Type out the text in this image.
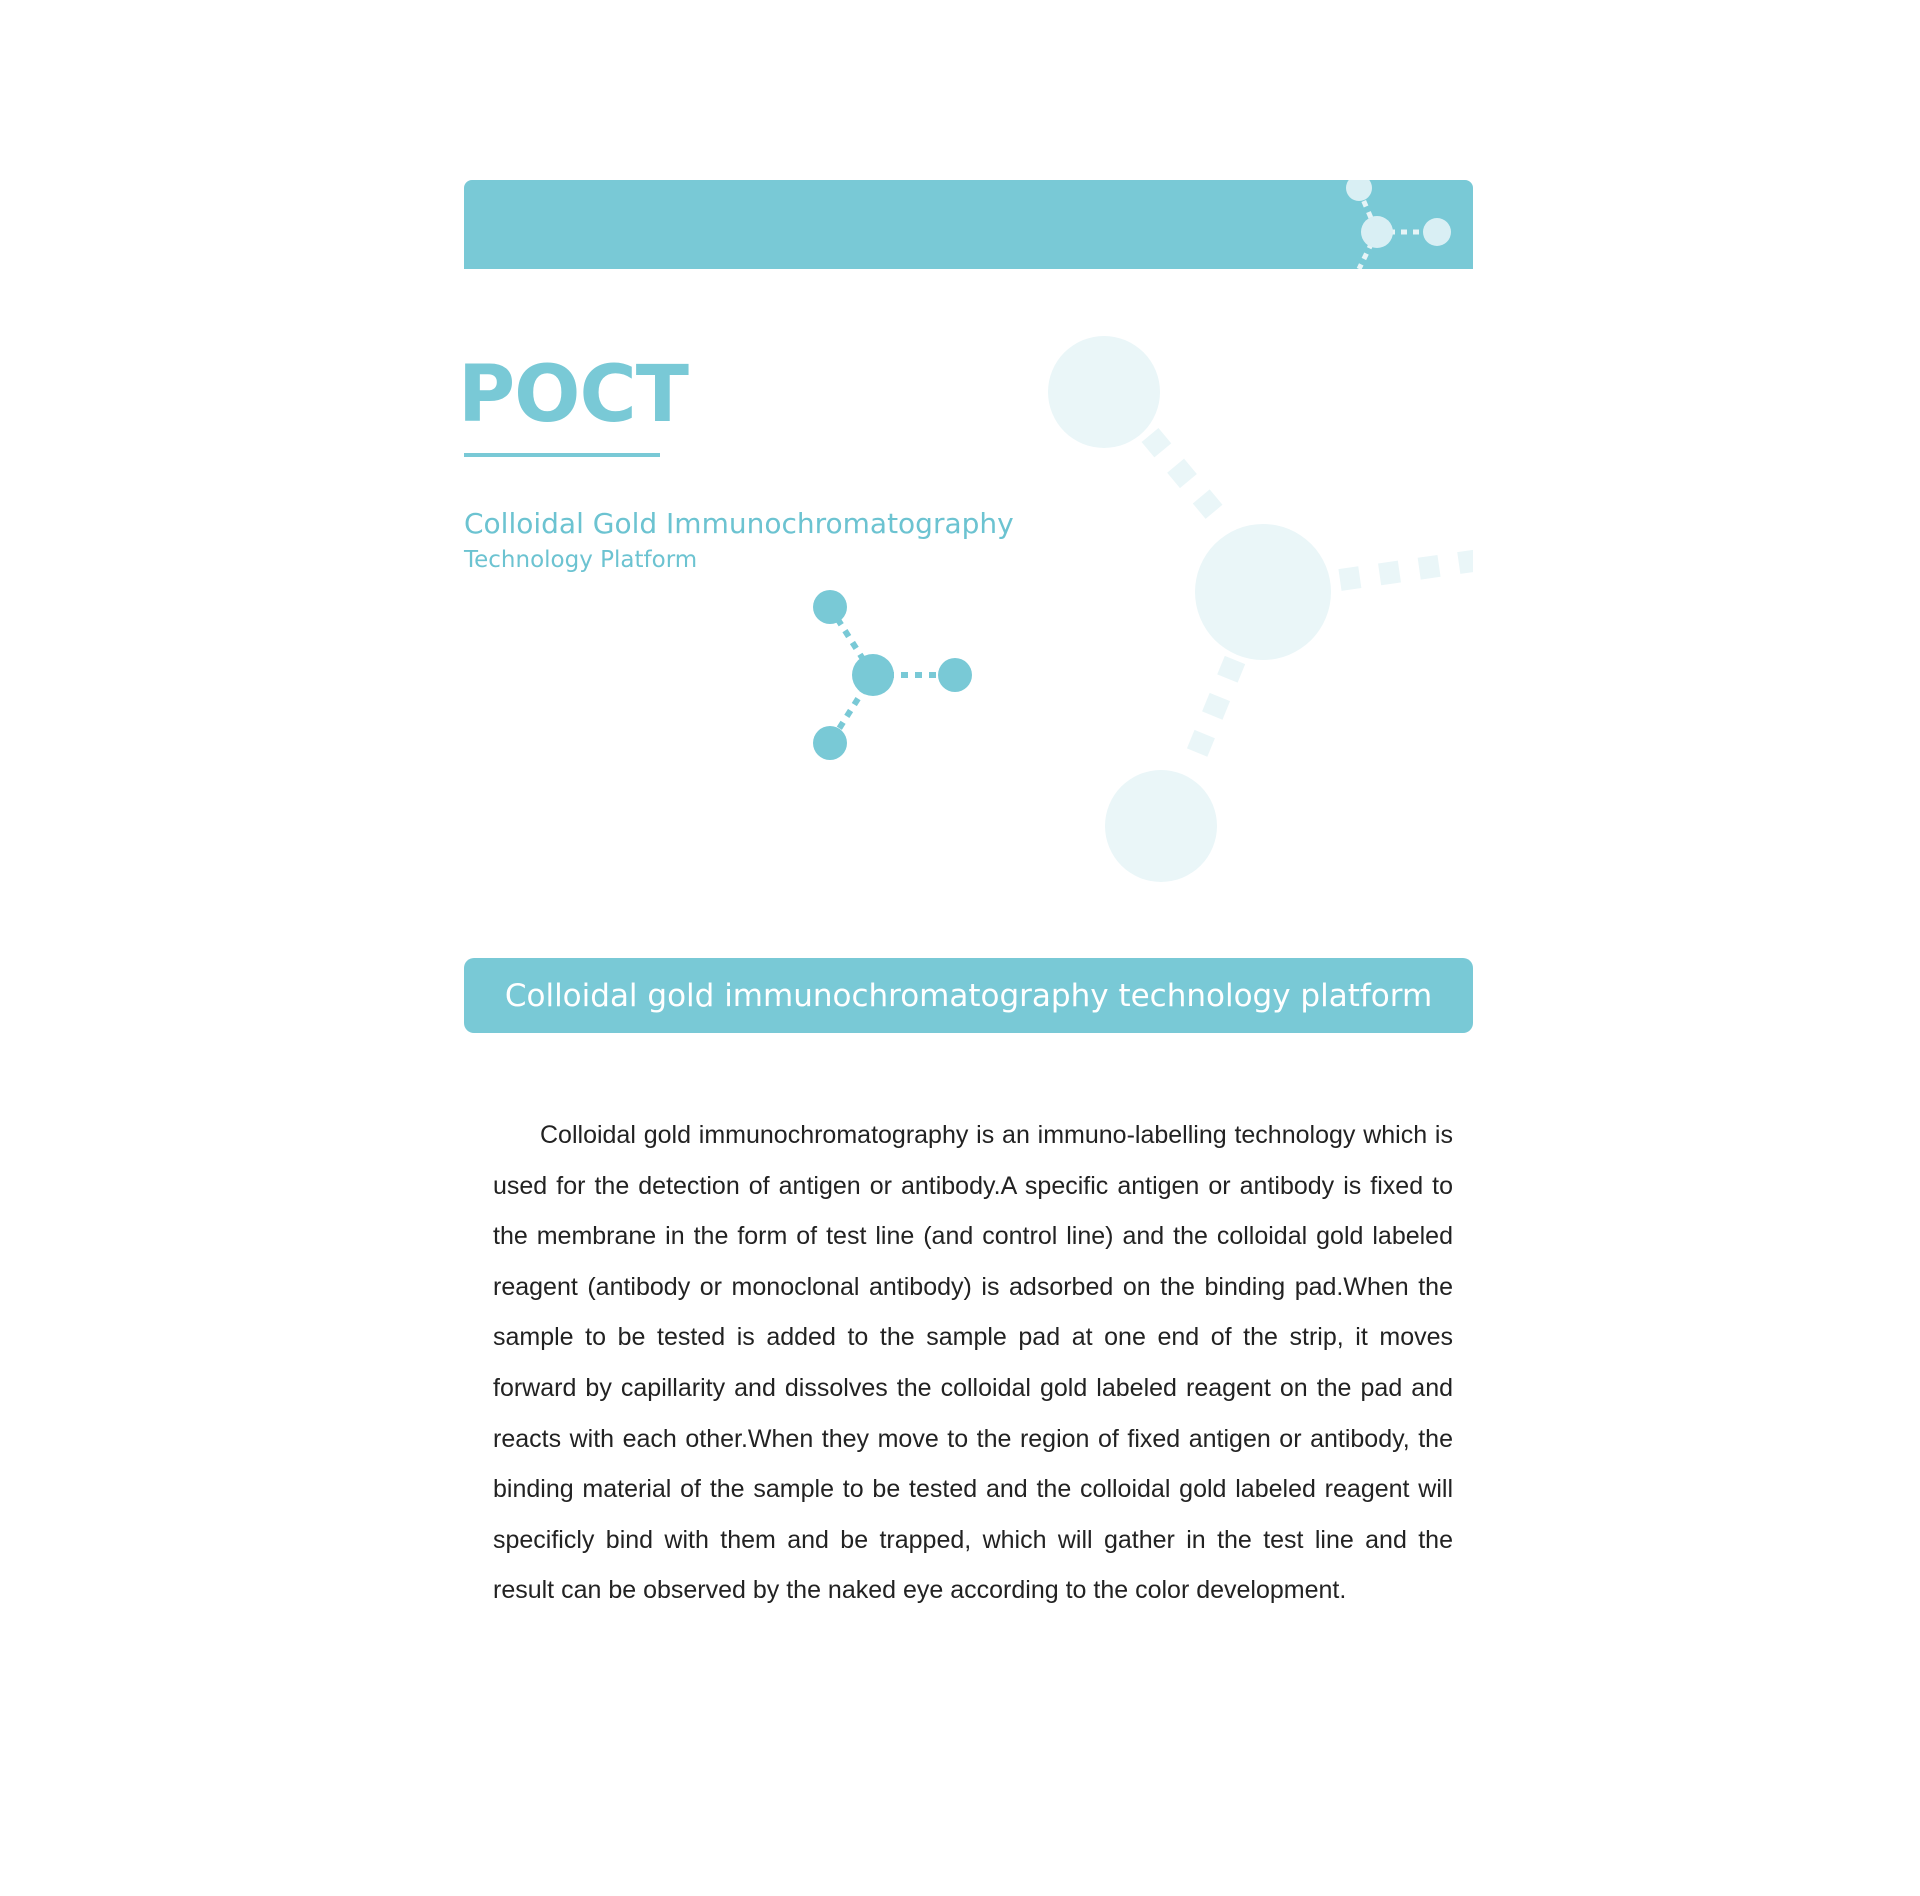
POCT
Colloidal Gold Immunochromatography
Technology Platform
Colloidal gold immunochromatography technology platform

Colloidal gold immunochromatography is an immuno-labelling technology which is used for the detection of antigen or antibody.A specific antigen or antibody is fixed to the membrane in the form of test line (and control line) and the colloidal gold labeled reagent (antibody or monoclonal antibody) is adsorbed on the binding pad.When the sample to be tested is added to the sample pad at one end of the strip, it moves forward by capillarity and dissolves the colloidal gold labeled reagent on the pad and reacts with each other.When they move to the region of fixed antigen or antibody, the binding material of the sample to be tested and the colloidal gold labeled reagent will specificly bind with them and be trapped, which will gather in the test line and the result can be observed by the naked eye according to the color development.
